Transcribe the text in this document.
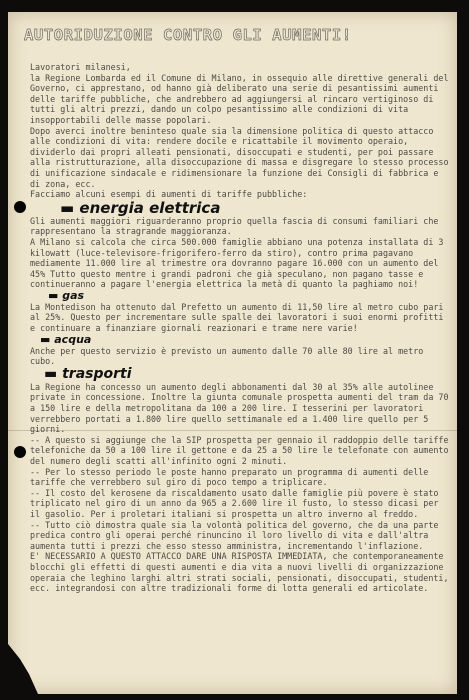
AUTORIDUZIONE CONTRO GLI AUMENTI!

Lavoratori milanesi,
la Regione Lombarda ed il Comune di Milano, in ossequio alle direttive generali del Governo, ci apprestano, od hanno già deliberato una serie di pesantissimi aumenti delle tariffe pubbliche, che andrebbero ad aggiungersi al rincaro vertiginoso di tutti gli altri prezzi, dando un colpo pesantissimo alle condizioni di vita insopportabili delle masse popolari.

Dopo averci inoltre beninteso quale sia la dimensione politica di questo attacco alle condizioni di vita: rendere docile e ricattabile il movimento operaio, dividerlo dai propri alleati pensionati, disoccupati e studenti, per poi passare alla ristrutturazione, alla disoccupazione di massa e disgregare lo stesso processo di unificazione sindacale e ridimensionare la funzione dei Consigli di fabbrica e di zona, ecc.
Facciamo alcuni esempi di aumenti di tariffe pubbliche:

▬ energia elettrica

Gli aumenti maggiori riguarderanno proprio quella fascia di consumi familiari che rappresentano la stragrande maggioranza.
A Milano si calcola che circa 500.000 famiglie abbiano una potenza installata di 3 kilowatt (luce-televisore-frigorifero-ferro da stiro), contro prima pagavano mediamente 11.000 lire al trimestre ora dovranno pagare 16.000 con un aumento del 45% Tutto questo mentre i grandi padroni che già speculano, non pagano tasse e continueranno a pagare l'energia elettrica la metà di quanto la paghiamo noi!

▬ gas

La Montedison ha ottenuto dal Prefetto un aumento di 11,50 lire al metro cubo pari al 25%. Questo per incrementare sulle spalle dei lavoratori i suoi enormi profitti e continuare a finanziare giornali reazionari e trame nere varie!

▬ acqua

Anche per questo servizio è previsto un aumento dalle 70 alle 80 lire al metro cubo.

▬ trasporti

La Regione ha concesso un aumento degli abbonamenti dal 30 al 35% alle autolinee private in concessione. Inoltre la giunta comunale prospetta aumenti del tram da 70 a 150 lire e della metropolitana da 100 a 200 lire. I tesserini per lavoratori verrebbero portati a 1.800 lire quello settimanale ed a 1.400 lire quello per 5 giorni.
-- A questo si aggiunge che la SIP prospetta per gennaio il raddoppio delle tariffe telefoniche da 50 a 100 lire il gettone e da 25 a 50 lire le telefonate con aumento del numero degli scatti all'infinito ogni 2 minuti.
-- Per lo stesso periodo le poste hanno preparato un programma di aumenti delle tariffe che verrebbero sul giro di poco tempo a triplicare.
-- Il costo del kerosene da riscaldamento usato dalle famiglie più povere è stato triplicato nel giro di un anno da 965 a 2.600 lire il fusto, lo stesso dicasi per il gasolio. Per i proletari italiani si prospetta un altro inverno al freddo.
-- Tutto ciò dimostra quale sia la volontà politica del governo, che da una parte predica contro gli operai perché rinuncino il loro livello di vita e dall'altra aumenta tutti i prezzi che esso stesso amministra, incrementando l'inflazione.

E' NECESSARIO A QUESTO ATTACCO DARE UNA RISPOSTA IMMEDIATA, che contemporaneamente blocchi gli effetti di questi aumenti e dia vita a nuovi livelli di organizzazione operaia che leghino larghi altri strati sociali, pensionati, disoccupati, studenti, ecc. integrandosi con altre tradizionali forme di lotta generali ed articolate.
